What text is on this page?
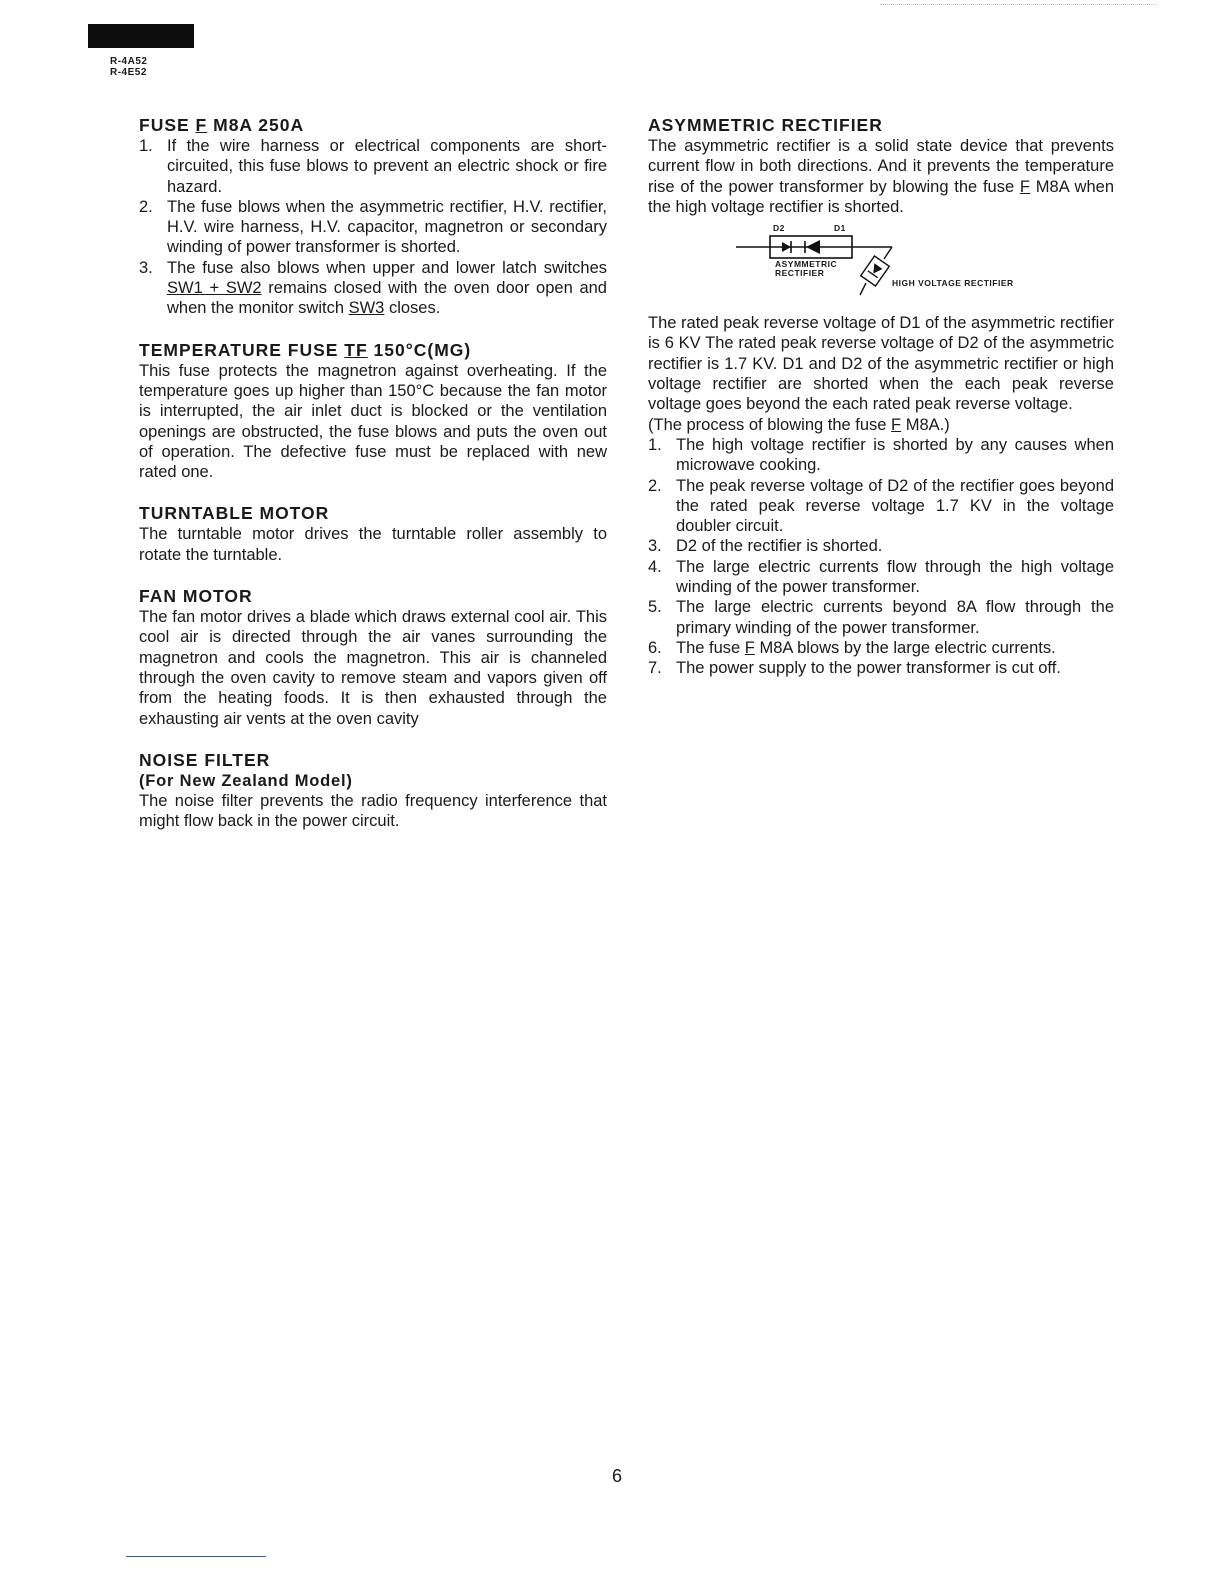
R-4A52
R-4E52
FUSE F M8A 250A
1. If the wire harness or electrical components are short-circuited, this fuse blows to prevent an electric shock or fire hazard.
2. The fuse blows when the asymmetric rectifier, H.V. rectifier, H.V. wire harness, H.V. capacitor, magnetron or secondary winding of power transformer is shorted.
3. The fuse also blows when upper and lower latch switches SW1 + SW2 remains closed with the oven door open and when the monitor switch SW3 closes.
TEMPERATURE FUSE TF 150°C(MG)
This fuse protects the magnetron against overheating. If the temperature goes up higher than 150°C because the fan motor is interrupted, the air inlet duct is blocked or the ventilation openings are obstructed, the fuse blows and puts the oven out of operation. The defective fuse must be replaced with new rated one.
TURNTABLE MOTOR
The turntable motor drives the turntable roller assembly to rotate the turntable.
FAN MOTOR
The fan motor drives a blade which draws external cool air. This cool air is directed through the air vanes surrounding the magnetron and cools the magnetron. This air is channeled through the oven cavity to remove steam and vapors given off from the heating foods. It is then exhausted through the exhausting air vents at the oven cavity
NOISE FILTER
(For New Zealand Model)
The noise filter prevents the radio frequency interference that might flow back in the power circuit.
ASYMMETRIC RECTIFIER
The asymmetric rectifier is a solid state device that prevents current flow in both directions. And it prevents the temperature rise of the power transformer by blowing the fuse F M8A when the high voltage rectifier is shorted.
D2	D1
ASYMMETRIC
RECTIFIER
HIGH VOLTAGE RECTIFIER
The rated peak reverse voltage of D1 of the asymmetric rectifier is 6 KV The rated peak reverse voltage of D2 of the asymmetric rectifier is 1.7 KV. D1 and D2 of the asymmetric rectifier or high voltage rectifier are shorted when the each peak reverse voltage goes beyond the each rated peak reverse voltage.
(The process of blowing the fuse F M8A.)
1. The high voltage rectifier is shorted by any causes when microwave cooking.
2. The peak reverse voltage of D2 of the rectifier goes beyond the rated peak reverse voltage 1.7 KV in the voltage doubler circuit.
3. D2 of the rectifier is shorted.
4. The large electric currents flow through the high voltage winding of the power transformer.
5. The large electric currents beyond 8A flow through the primary winding of the power transformer.
6. The fuse F M8A blows by the large electric currents.
7. The power supply to the power transformer is cut off.
6
